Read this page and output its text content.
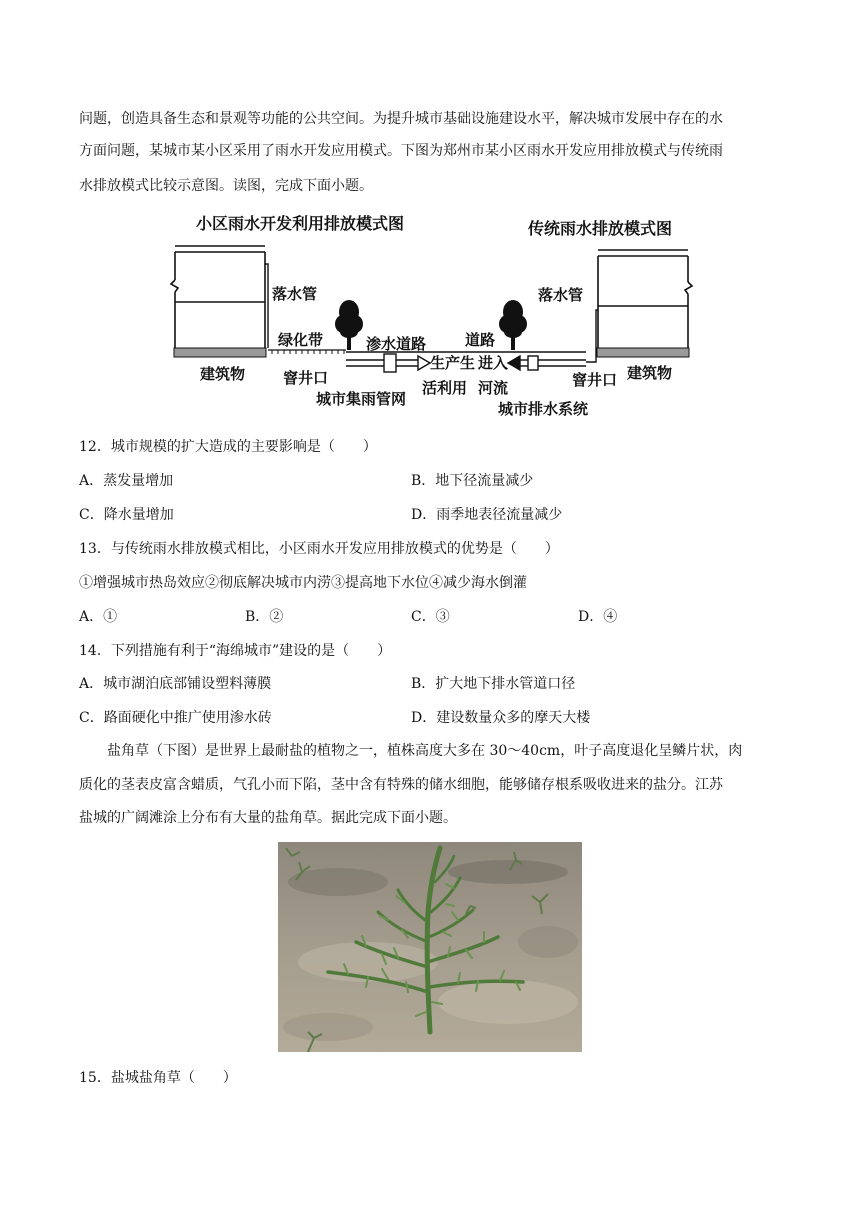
问题，创造具备生态和景观等功能的公共空间。为提升城市基础设施建设水平，解决城市发展中存在的水
方面问题，某城市某小区采用了雨水开发应用模式。下图为郑州市某小区雨水开发应用排放模式与传统雨
水排放模式比较示意图。读图，完成下面小题。
小区雨水开发利用排放模式图	传统雨水排放模式图
落水管	落水管
绿化带	渗水道路
窨井口
城市集雨管网
生产生
活利用
道路
进入
河流	窨井口
城市排水系统
建筑物	建筑物
12．城市规模的扩大造成的主要影响是（　　）
A．蒸发量增加	B．地下径流量减少
C．降水量增加	D．雨季地表径流量减少
13．与传统雨水排放模式相比，小区雨水开发应用排放模式的优势是（　　）
①增强城市热岛效应②彻底解决城市内涝③提高地下水位④减少海水倒灌
A．①	B．②	C．③	D．④
14．下列措施有利于“海绵城市”建设的是（　　）
A．城市湖泊底部铺设塑料薄膜	B．扩大地下排水管道口径
C．路面硬化中推广使用渗水砖	D．建设数量众多的摩天大楼
盐角草（下图）是世界上最耐盐的植物之一，植株高度大多在 30～40cm，叶子高度退化呈鳞片状，肉
质化的茎表皮富含蜡质，气孔小而下陷，茎中含有特殊的储水细胞，能够储存根系吸收进来的盐分。江苏
盐城的广阔滩涂上分布有大量的盐角草。据此完成下面小题。
15．盐城盐角草（　　）
